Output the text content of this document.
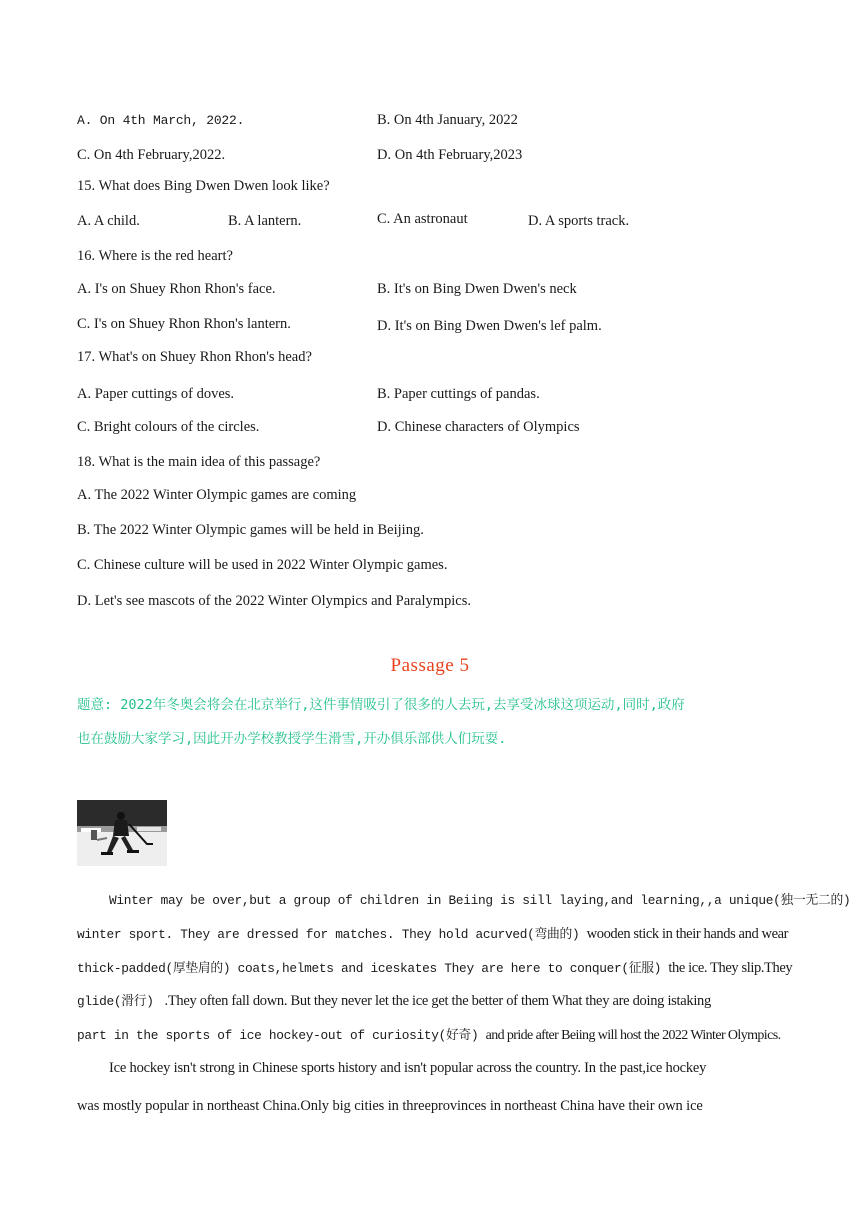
A. On 4th March, 2022.	B. On 4th January, 2022
C. On 4th February,2022.	D. On 4th February,2023
15. What does Bing Dwen Dwen look like?
A. A child.	B. A lantern.	C. An astronaut	D. A sports track.
16. Where is the red heart?
A. I's on Shuey Rhon Rhon's face.	B. It's on Bing Dwen Dwen's neck
C. I's on Shuey Rhon Rhon's lantern.	D. It's on Bing Dwen Dwen's lef palm.
17. What's on Shuey Rhon Rhon's head?
A. Paper cuttings of doves.	B. Paper cuttings of pandas.
C. Bright colours of the circles.	D. Chinese characters of Olympics
18. What is the main idea of this passage?
A. The 2022 Winter Olympic games are coming
B. The 2022 Winter Olympic games will be held in Beijing.
C. Chinese culture will be used in 2022 Winter Olympic games.
D. Let's see mascots of the 2022 Winter Olympics and Paralympics.
Passage 5
题意: 2022年冬奥会将会在北京举行,这件事情吸引了很多的人去玩,去享受冰球这项运动,同时,政府
也在鼓励大家学习,因此开办学校教授学生滑雪,开办俱乐部供人们玩耍.
Winter may be over,but a group of children in Beiing is sill laying,and learning,,a unique(独一无二的)
winter sport. They are dressed for matches. They hold acurved(弯曲的) wooden stick in their hands and wear
thick-padded(厚垫肩的) coats,helmets and iceskates They are here to conquer(征服) the ice. They slip.They
glide(滑行) .They often fall down. But they never let the ice get the better of them What they are doing istaking
part in the sports of ice hockey-out of curiosity(好奇) and pride after Beiing will host the 2022 Winter Olympics.
Ice hockey isn't strong in Chinese sports history and isn't popular across the country. In the past,ice hockey
was mostly popular in northeast China.Only big cities in threeprovinces in northeast China have their own ice
